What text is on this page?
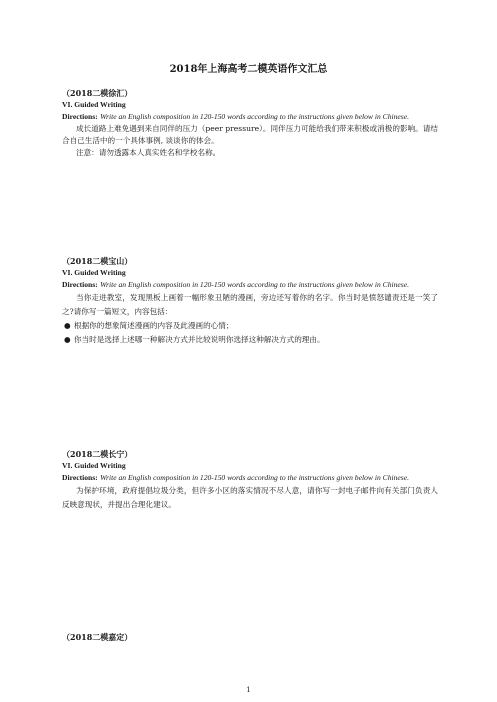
2018年上海高考二模英语作文汇总
（2018二模徐汇）
VI. Guided Writing
Directions: Write an English composition in 120-150 words according to the instructions given below in Chinese.
成长道路上难免遇到来自同伴的压力（peer pressure）。同伴压力可能给我们带来积极或消极的影响。请结合自己生活中的一个具体事例, 谈谈你的体会。
注意：请勿透露本人真实姓名和学校名称。
（2018二模宝山）
VI. Guided Writing
Directions: Write an English composition in 120-150 words according to the instructions given below in Chinese.
当你走进教室，发现黑板上画着一幅形象丑陋的漫画，旁边还写着你的名字。你当时是愤怒谴责还是一笑了之?请你写一篇短文，内容包括：
● 根据你的想象简述漫画的内容及此漫画的心情；
● 你当时是选择上述哪一种解决方式并比较说明你选择这种解决方式的理由。
（2018二模长宁）
VI. Guided Writing
Directions: Write an English composition in 120-150 words according to the instructions given below in Chinese.
为保护环境，政府提倡垃圾分类，但许多小区的落实情况不尽人意，请你写一封电子邮件向有关部门负责人反映意现状，并提出合理化建议。
（2018二模嘉定）
1
